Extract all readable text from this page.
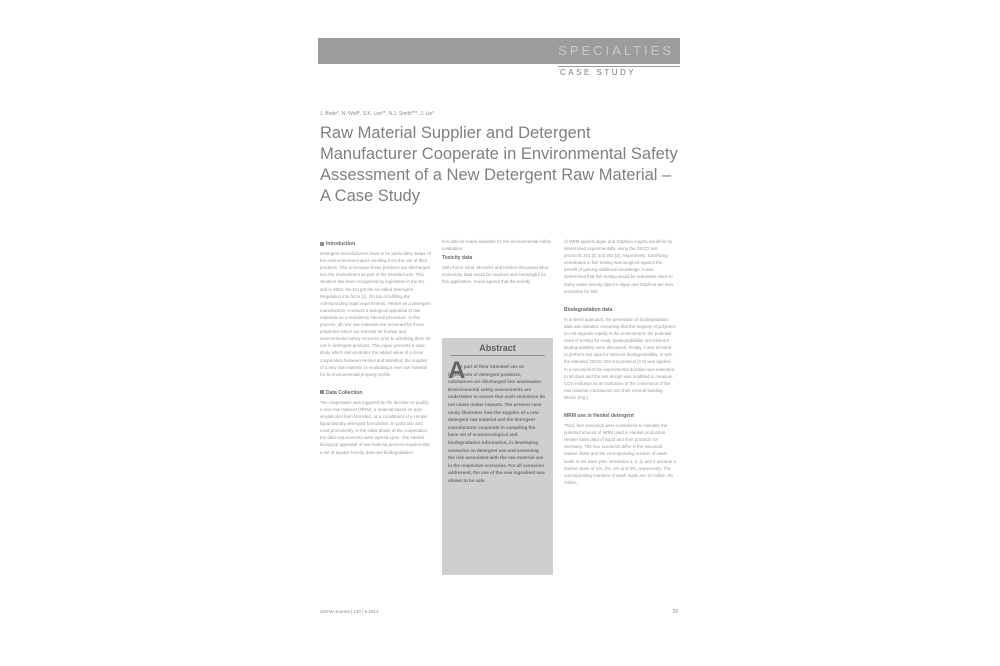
SPECIALTIES
CASE STUDY
J. Bode*, N. Wolf*, S.K. Lee**, N.J. Smith***, J. Lie*
Raw Material Supplier and Detergent Manufacturer Cooperate in Environmental Safety Assessment of a New Detergent Raw Material – A Case Study
Introduction
Detergent manufacturers have to be particularly aware of the environmental impact resulting from the use of their products. This is because these products are discharged into the environment as part of the intended use. This situation has been recognized by legislators in the EU and in 2004, the EU got the so-called Detergent Regulation into force [1]. On top of fulfilling the corresponding legal requirements, Henkel as a detergent manufacturer conducts a biological appraisal of raw materials as a mandatory internal procedure. In this process, all new raw materials are screened for those properties which are relevant for human and environmental safety concerns prior to admitting them for use in detergent products. This paper presents a case study which demonstrates the added value of a close cooperation between Henkel and Monsfed, the supplier of a new raw material, in evaluating a new raw material for its environmental property profile.
Data Collection
The cooperation was triggered by the decision to qualify a new raw material (MRM), a material based on poly-vinylalcohol from Monsfed, as a constituent of a Henkel liquid laundry detergent formulation. In particular and most prominently, in the initial phase of the cooperation, the data requirements were agreed upon. The Henkel biological appraisal of raw material process requires that a set of aquatic toxicity data and biodegradation
tion data be made available for the environmental safety evaluation.
Toxicity data
With this in mind, Monsfed and Henkel discussed what ecotoxicity data would be required and meaningful for this application. It was agreed that the toxicity
Abstract
A
s part of their intended use as ingredients of detergent products, substances are discharged into wastewater. Environmental safety assessments are undertaken to ensure that such emissions do not cause undue impacts. The present case study illustrates how the supplier of a new detergent raw material and the detergent manufacturer cooperate in compiling the base set of ecotoxicological and biodegradation information, in developing scenarios on detergent use and assessing the risk associated with the raw material use in the respective scenarios. For all scenarios addressed, the use of the new ingredient was shown to be safe.
of MRM against algae and Daphnia magna would be by determined experimentally, using the OECD test protocols 201 [2] and 202 [3], respectively. Sacrificing vertebrates in fish testing was weighed against the benefit of gaining additional knowledge. It was determined that fish testing would be redundant since in many cases toxicity data for algae and Daphnia are also protective for fish.
Biodegradation data
In a tiered approach, the generation of biodegradation data was initiated. Assuming that the majority of polymers do not degrade rapidly in the environment, the potential need of testing for ready biodegradability and inherent biodegradability were discussed. Finally, it was decided to perform test data for inherent biodegradability. In test, the standard OECD 302 test protocol [4-5] was applied. In a second test the experimental duration was extended to 60 days and the test design was modified to measure CO2 evolution as an indication of the conversion of the raw material constituents into their mineral building blocks (Fig.).
MRM use in Henkel detergent
Third, four scenarios were considered to simulate the potential amount of MRM used in Henkel production. Henkel sales data of liquid and their products for Germany. The four scenarios differ in the assumed market share and the corresponding number of wash loads in the base year. Scenarios 1, 2, 3, and 4 assume a market share of 1%, 2%, 4% and 8%, respectively. The corresponding numbers of wash loads are 10 million, 60 million,
SOFW-Journal | 140 | 6-2014	29
